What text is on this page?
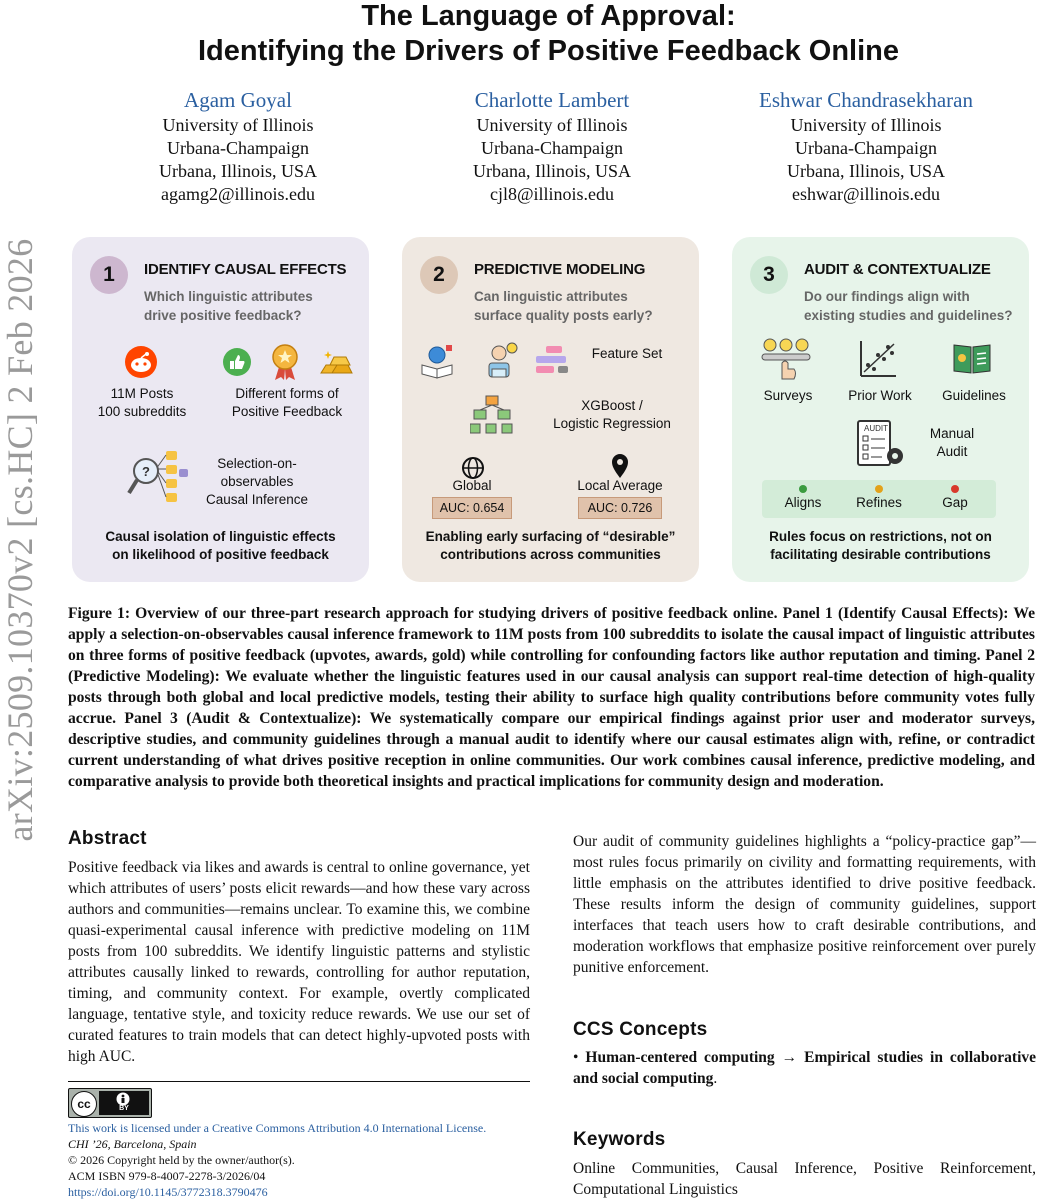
arXiv:2509.10370v2 [cs.HC] 2 Feb 2026
The Language of Approval:
Identifying the Drivers of Positive Feedback Online
Agam Goyal
University of Illinois
Urbana-Champaign
Urbana, Illinois, USA
agamg2@illinois.edu
Charlotte Lambert
University of Illinois
Urbana-Champaign
Urbana, Illinois, USA
cjl8@illinois.edu
Eshwar Chandrasekharan
University of Illinois
Urbana-Champaign
Urbana, Illinois, USA
eshwar@illinois.edu
1	IDENTIFY CAUSAL EFFECTS
Which linguistic attributes
drive positive feedback?
11M Posts
100 subreddits
Different forms of
Positive Feedback
?
Selection-on-
observables
Causal Inference
Causal isolation of linguistic effects
on likelihood of positive feedback
2	PREDICTIVE MODELING
Can linguistic attributes
surface quality posts early?
Feature Set
XGBoost /
Logistic Regression
Global
AUC: 0.654
Local Average
AUC: 0.726
Enabling early surfacing of “desirable”
contributions across communities
3	AUDIT & CONTEXTUALIZE
Do our findings align with
existing studies and guidelines?
Surveys	Prior Work	Guidelines
AUDIT	Manual
Audit
Aligns	Refines	Gap
Rules focus on restrictions, not on
facilitating desirable contributions
Figure 1: Overview of our three-part research approach for studying drivers of positive feedback online. Panel 1 (Identify Causal Effects): We apply a selection-on-observables causal inference framework to 11M posts from 100 subreddits to isolate the causal impact of linguistic attributes on three forms of positive feedback (upvotes, awards, gold) while controlling for confounding factors like author reputation and timing. Panel 2 (Predictive Modeling): We evaluate whether the linguistic features used in our causal analysis can support real-time detection of high-quality posts through both global and local predictive models, testing their ability to surface high quality contributions before community votes fully accrue. Panel 3 (Audit & Contextualize): We systematically compare our empirical findings against prior user and moderator surveys, descriptive studies, and community guidelines through a manual audit to identify where our causal estimates align with, refine, or contradict current understanding of what drives positive reception in online communities. Our work combines causal inference, predictive modeling, and comparative analysis to provide both theoretical insights and practical implications for community design and moderation.
Abstract
Positive feedback via likes and awards is central to online governance, yet which attributes of users’ posts elicit rewards—and how these vary across authors and communities—remains unclear. To examine this, we combine quasi-experimental causal inference with predictive modeling on 11M posts from 100 subreddits. We identify linguistic patterns and stylistic attributes causally linked to rewards, controlling for author reputation, timing, and community context. For example, overtly complicated language, tentative style, and toxicity reduce rewards. We use our set of curated features to train models that can detect highly-upvoted posts with high AUC.
cc	BY
This work is licensed under a Creative Commons Attribution 4.0 International License.
CHI ’26, Barcelona, Spain
© 2026 Copyright held by the owner/author(s).
ACM ISBN 979-8-4007-2278-3/2026/04
https://doi.org/10.1145/3772318.3790476
Our audit of community guidelines highlights a “policy-practice gap”—most rules focus primarily on civility and formatting requirements, with little emphasis on the attributes identified to drive positive feedback. These results inform the design of community guidelines, support interfaces that teach users how to craft desirable contributions, and moderation workflows that emphasize positive reinforcement over purely punitive enforcement.
CCS Concepts
• Human-centered computing → Empirical studies in collaborative and social computing.
Keywords
Online Communities, Causal Inference, Positive Reinforcement, Computational Linguistics
